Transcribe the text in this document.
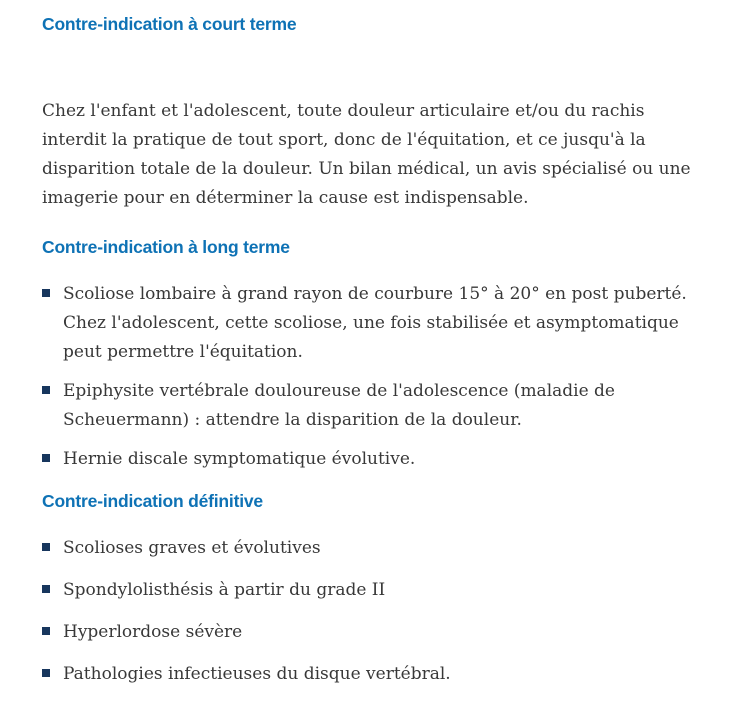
Contre-indication à court terme

Chez l'enfant et l'adolescent, toute douleur articulaire et/ou du rachis interdit la pratique de tout sport, donc de l'équitation, et ce jusqu'à la disparition totale de la douleur. Un bilan médical, un avis spécialisé ou une imagerie pour en déterminer la cause est indispensable.

Contre-indication à long terme
Scoliose lombaire à grand rayon de courbure 15° à 20° en post puberté. Chez l'adolescent, cette scoliose, une fois stabilisée et asymptomatique peut permettre l'équitation.
Epiphysite vertébrale douloureuse de l'adolescence (maladie de Scheuermann) : attendre la disparition de la douleur.
Hernie discale symptomatique évolutive.
Contre-indication définitive
Scolioses graves et évolutives
Spondylolisthésis à partir du grade II
Hyperlordose sévère
Pathologies infectieuses du disque vertébral.
